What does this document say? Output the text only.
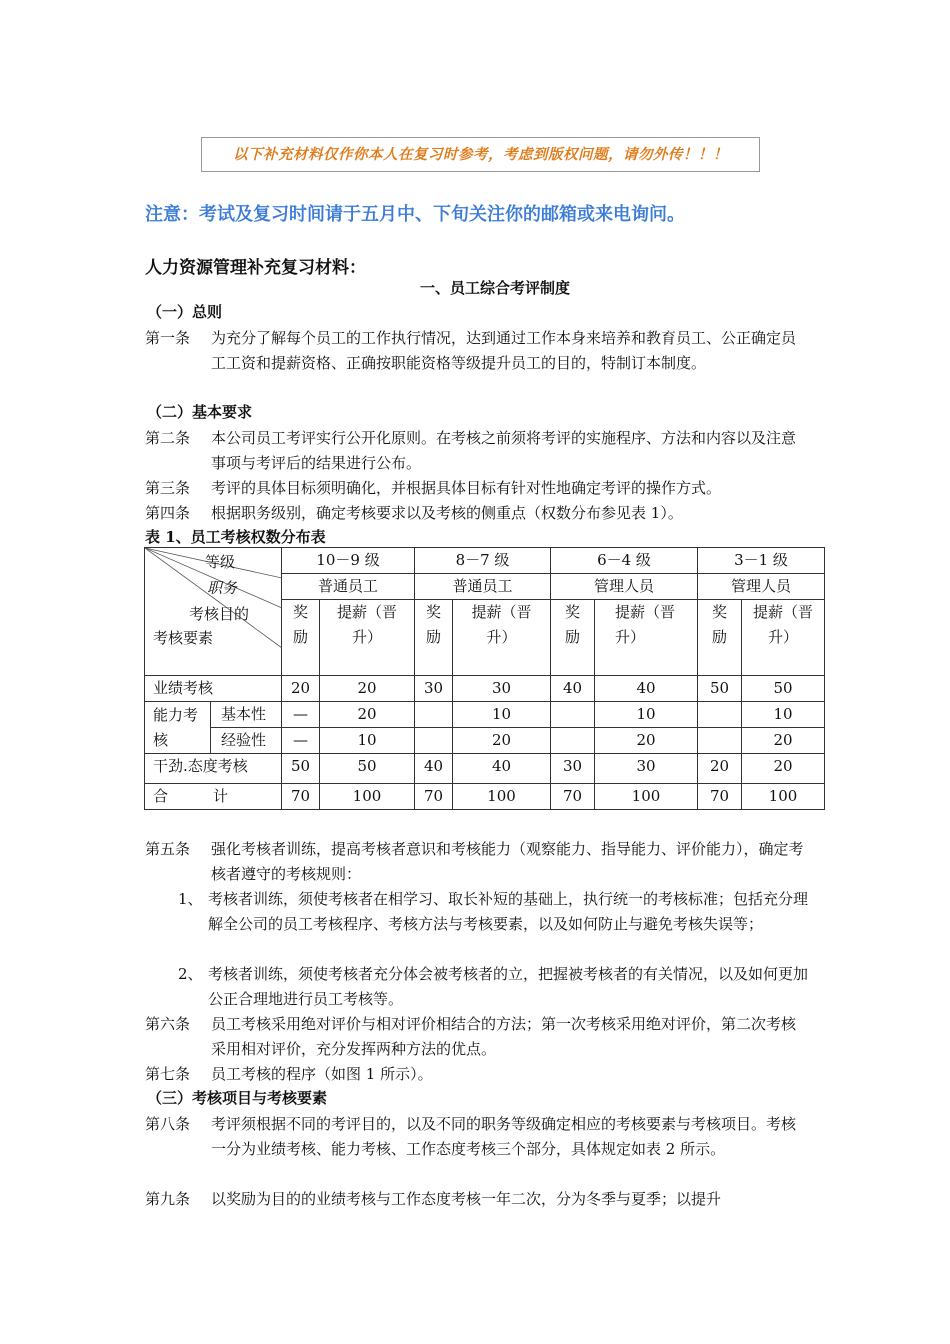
以下补充材料仅作你本人在复习时参考，考虑到版权问题，请勿外传！！！
注意：考试及复习时间请于五月中、下旬关注你的邮箱或来电询问。
人力资源管理补充复习材料：
一、员工综合考评制度
（一）总则
第一条	为充分了解每个员工的工作执行情况，达到通过工作本身来培养和教育员工、公正确定员工工资和提薪资格、正确按职能资格等级提升员工的目的，特制订本制度。
（二）基本要求
第二条	本公司员工考评实行公开化原则。在考核之前须将考评的实施程序、方法和内容以及注意事项与考评后的结果进行公布。
第三条	考评的具体目标须明确化，并根据具体目标有针对性地确定考评的操作方式。
第四条	根据职务级别，确定考核要求以及考核的侧重点（权数分布参见表 1）。
表 1、员工考核权数分布表
等级
职务
考核目的
考核要素		10－9 级		8－7 级		6－4 级		3－1 级	
		普通员工		普通员工		管理人员		管理人员	
		奖励	提薪（晋升）	奖励	提薪（晋升）	奖励	提薪（晋升）	奖励	提薪（晋升）
业绩考核		20	20	30	30	40	40	50	50
能力考核	基本性	—	20		10		10		10
	经验性	—	10		20		20		20
干劲.态度考核		50	50	40	40	30	30	20	20
合　　　计		70	100	70	100	70	100	70	100
第五条	强化考核者训练，提高考核者意识和考核能力（观察能力、指导能力、评价能力），确定考核者遵守的考核规则：
1、 考核者训练，须使考核者在相学习、取长补短的基础上，执行统一的考核标准；包括充分理解全公司的员工考核程序、考核方法与考核要素，以及如何防止与避免考核失误等；
2、 考核者训练，须使考核者充分体会被考核者的立，把握被考核者的有关情况，以及如何更加公正合理地进行员工考核等。
第六条	员工考核采用绝对评价与相对评价相结合的方法；第一次考核采用绝对评价，第二次考核采用相对评价，充分发挥两种方法的优点。
第七条	员工考核的程序（如图 1 所示）。
（三）考核项目与考核要素
第八条	考评须根据不同的考评目的，以及不同的职务等级确定相应的考核要素与考核项目。考核一分为业绩考核、能力考核、工作态度考核三个部分，具体规定如表 2 所示。
第九条	以奖励为目的的业绩考核与工作态度考核一年二次，分为冬季与夏季；以提升
